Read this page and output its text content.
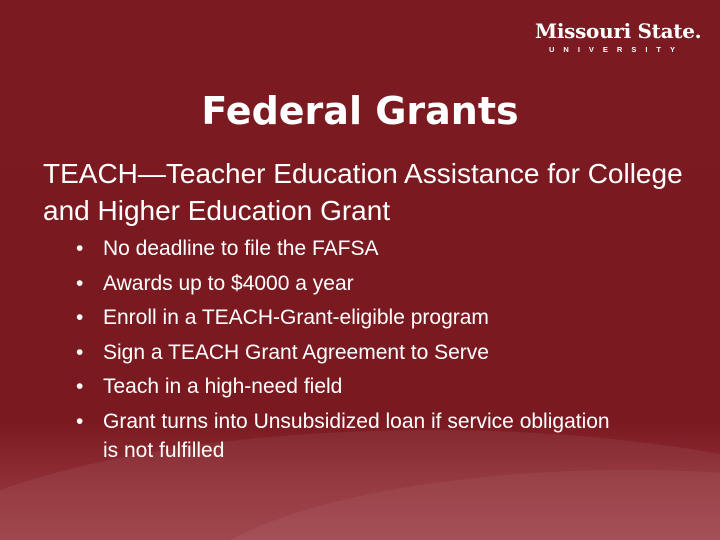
Missouri State.
UNIVERSITY
Federal Grants

TEACH—Teacher Education Assistance for College and Higher Education Grant

• No deadline to file the FAFSA
• Awards up to $4000 a year
• Enroll in a TEACH-Grant-eligible program
• Sign a TEACH Grant Agreement to Serve
• Teach in a high-need field
• Grant turns into Unsubsidized loan if service obligation is not fulfilled
